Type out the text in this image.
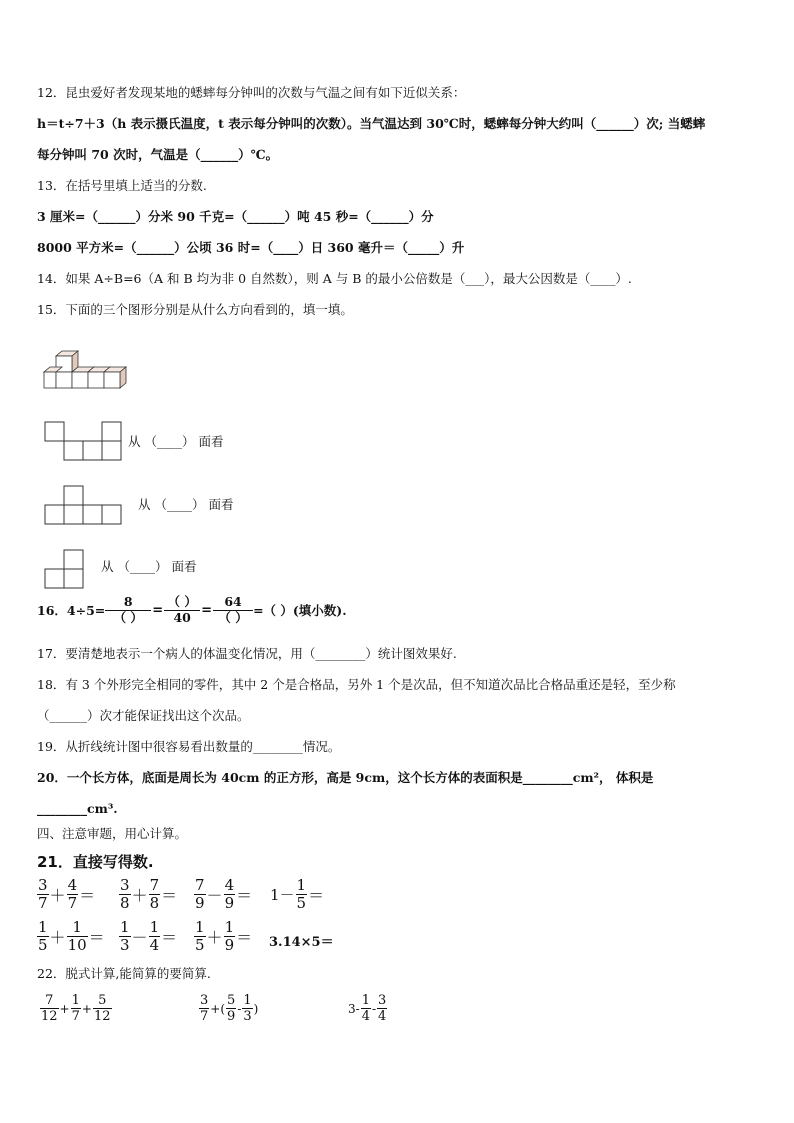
12．昆虫爱好者发现某地的蟋蟀每分钟叫的次数与气温之间有如下近似关系：
h＝t÷7＋3（h 表示摄氏温度，t 表示每分钟叫的次数）。当气温达到 30℃时，蟋蟀每分钟大约叫（______）次; 当蟋蟀
每分钟叫 70 次时，气温是（______）℃。
13．在括号里填上适当的分数.
3 厘米=（______）分米 90 千克=（______）吨 45 秒=（______）分
8000 平方米=（______）公顷 36 时=（____）日 360 毫升＝（_____）升
14．如果 A÷B=6（A 和 B 均为非 0 自然数），则 A 与 B 的最小公倍数是（___），最大公因数是（____）.
15．下面的三个图形分别是从什么方向看到的，填一填。
从 （____） 面看
从 （____） 面看
从 （____） 面看
16．$4\div 5= \frac{8}{( )} = \frac{( )}{40} = \frac{64}{( )}$ =（ ）(填小数).
17．要清楚地表示一个病人的体温变化情况，用（________）统计图效果好.
18．有 3 个外形完全相同的零件，其中 2 个是合格品，另外 1 个是次品，但不知道次品比合格品重还是轻，至少称
（______）次才能保证找出这个次品。
19．从折线统计图中很容易看出数量的________情况。
20．一个长方体，底面是周长为 40cm 的正方形，高是 9cm，这个长方体的表面积是________cm²， 体积是
________cm³.
四、注意审题，用心计算。
21．直接写得数.
$\frac{3}{7} + \frac{4}{7} = \frac{3}{8} + \frac{7}{8} = \frac{7}{9} - \frac{4}{9} = 1- \frac{1}{5}$ ＝
$\frac{1}{5} + \frac{1}{10} = \frac{1}{3} - \frac{1}{4} = \frac{1}{5} + \frac{1}{9} = 3.14\times 5=$
22．脱式计算,能简算的要简算.
$\frac{7}{12} + \frac{1}{7} + \frac{5}{12}$	$\frac{3}{7}$ +( $\frac{5}{9} - \frac{1}{3}$ )	$3- \frac{1}{4} - \frac{3}{4}$
